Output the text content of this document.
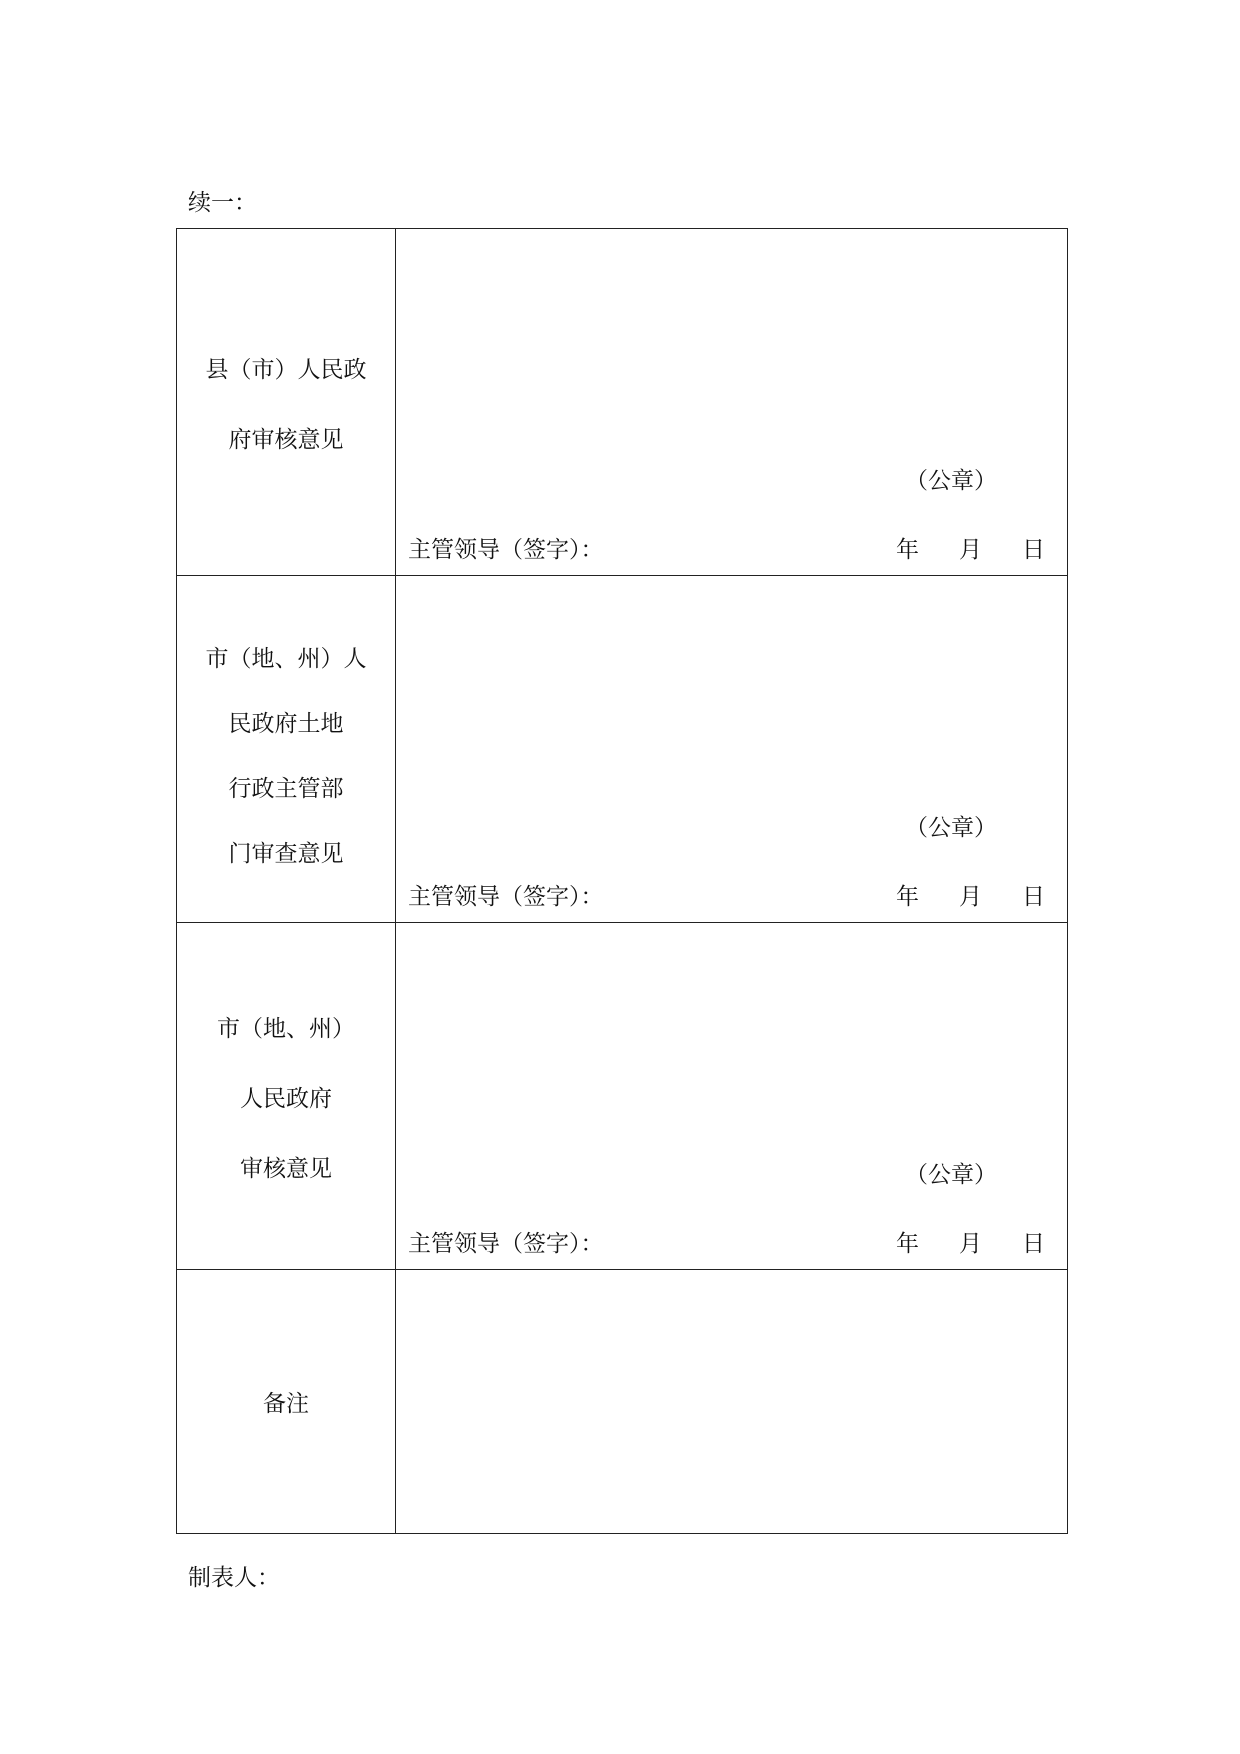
续一：
县（市）人民政
府审核意见	（公章）
主管领导（签字）： 年 月 日

市（地、州）人
民政府土地
行政主管部
门审查意见	（公章）
主管领导（签字）： 年 月 日

市（地、州）
人民政府
审核意见	（公章）
主管领导（签字）： 年 月 日

备注	

制表人：
